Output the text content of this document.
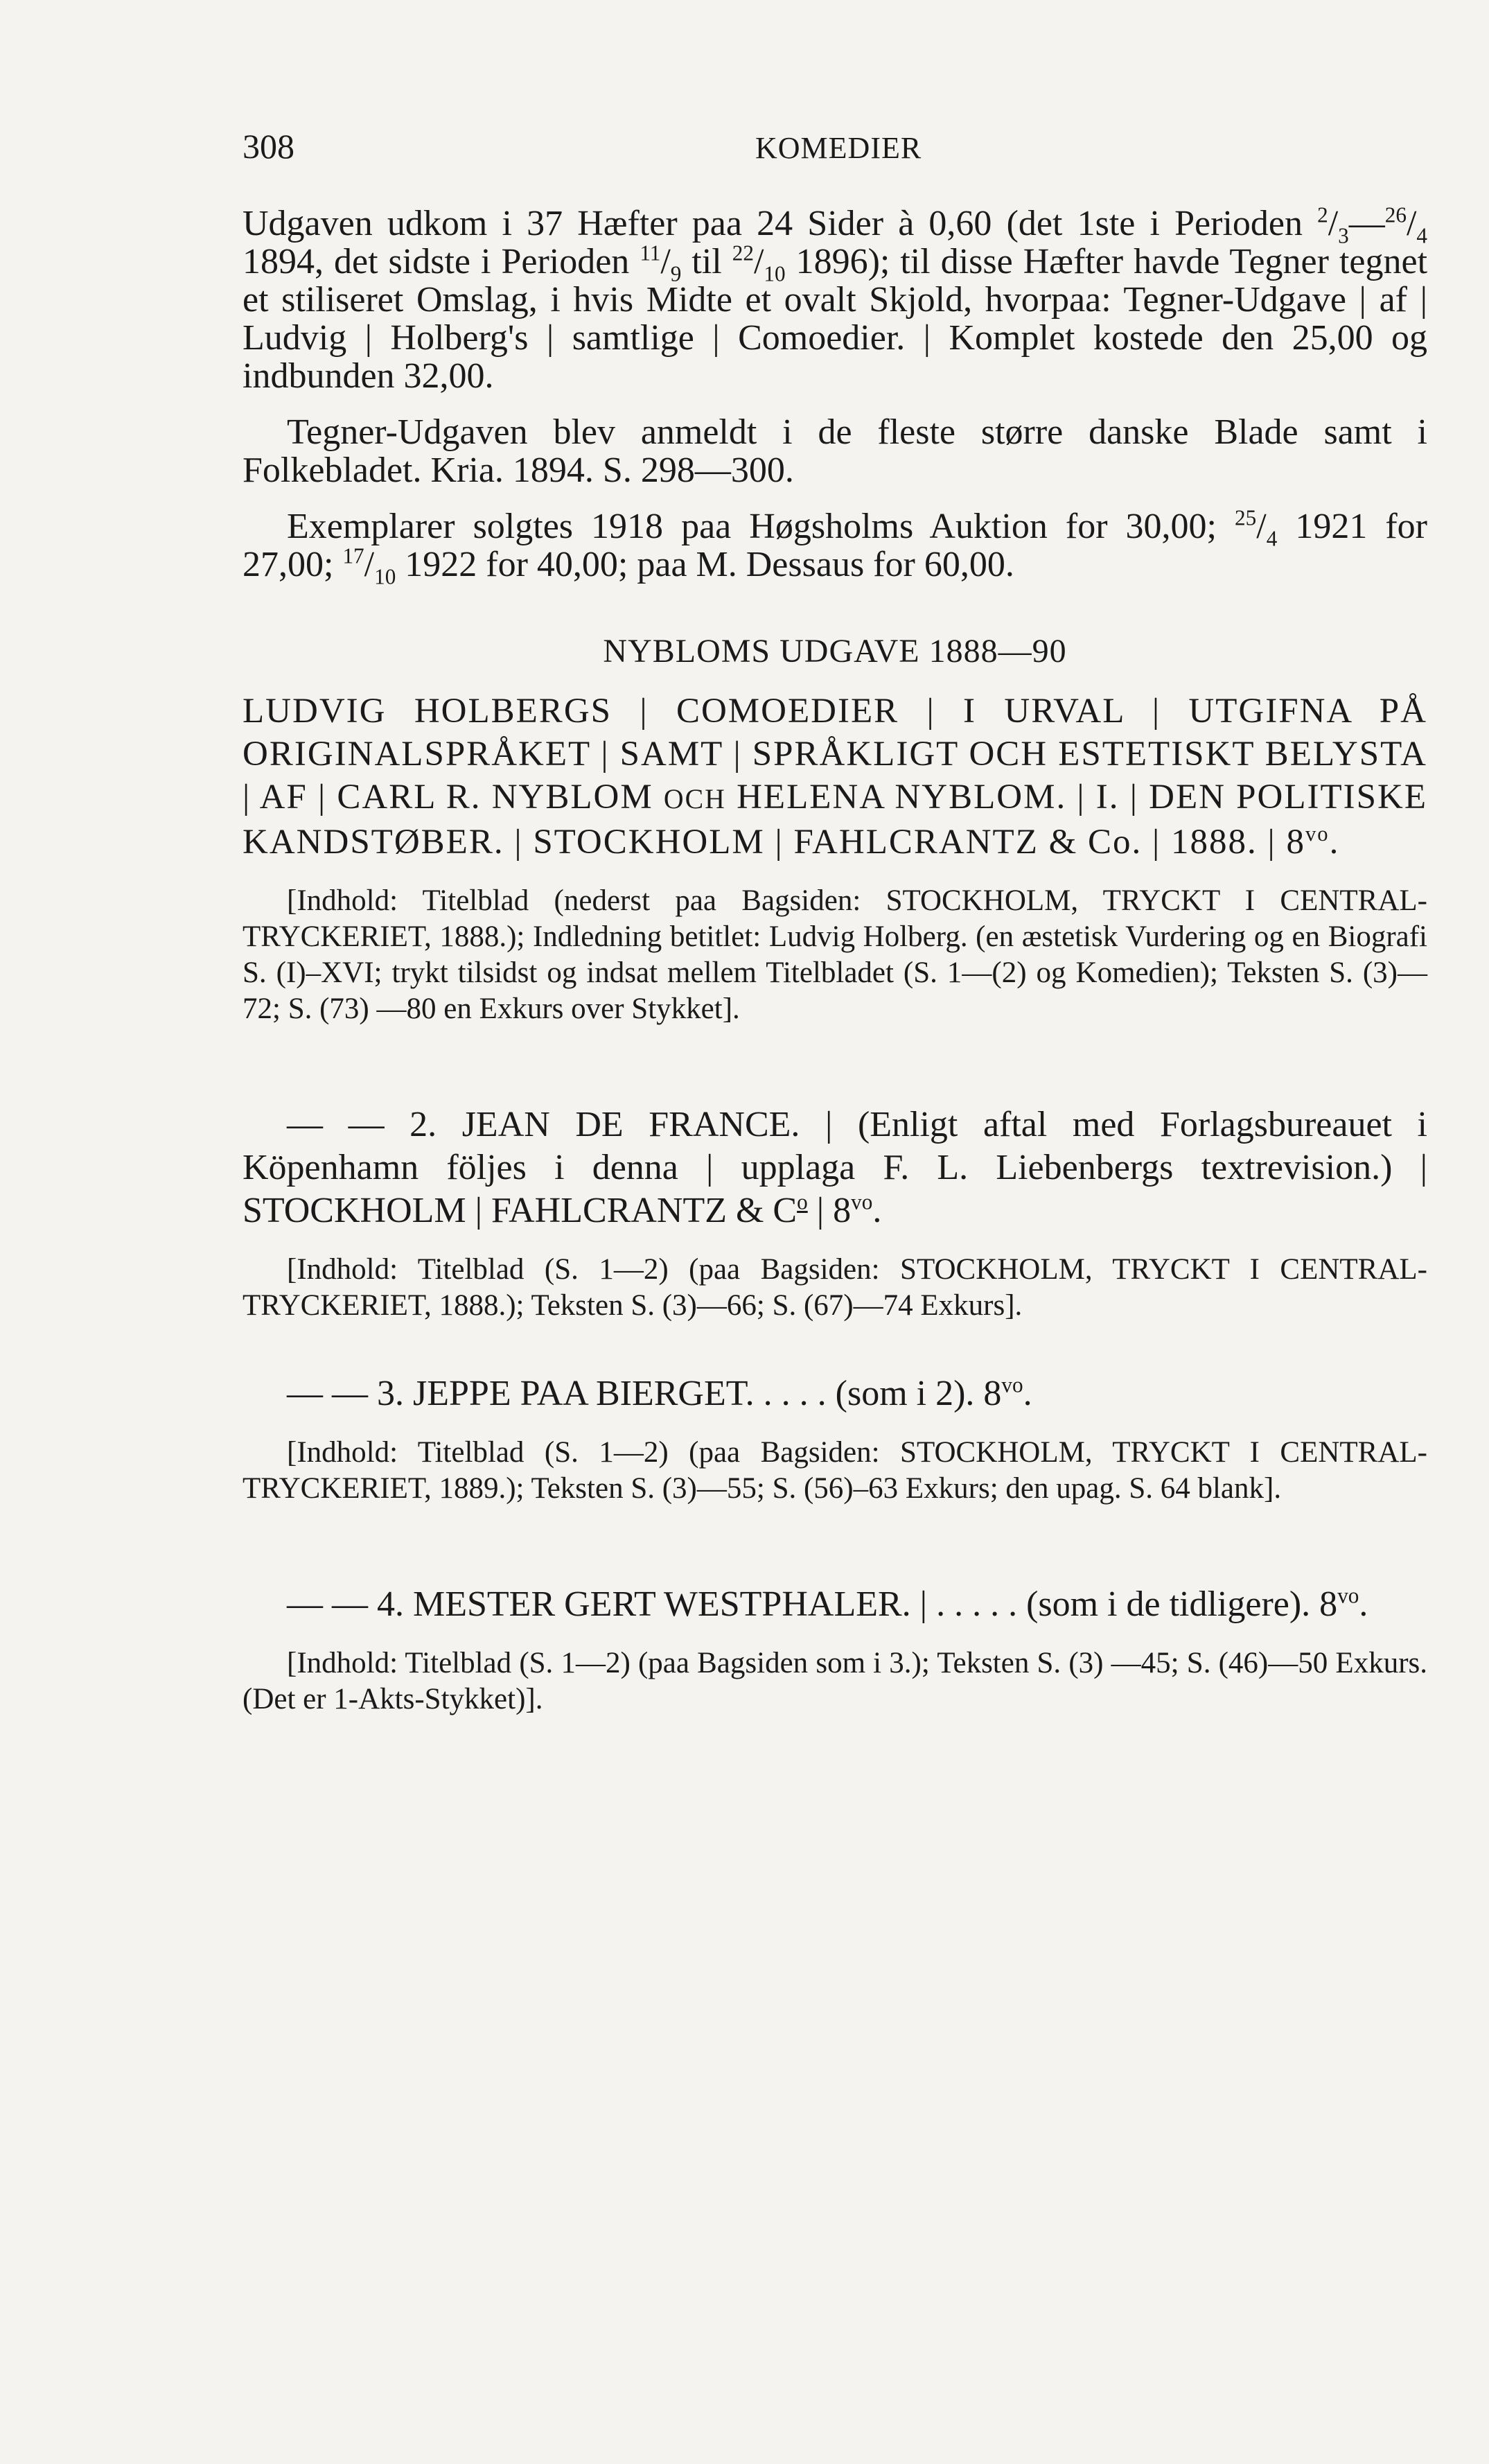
308	KOMEDIER

Udgaven udkom i 37 Hæfter paa 24 Sider à 0,60 (det 1ste i Perioden $^2/_3—^{26}/_4$ 1894, det sidste i Perioden $^{11}/_9$ til $^{22}/_{10}$ 1896); til disse Hæfter havde Tegner tegnet et stiliseret Omslag, i hvis Midte et ovalt Skjold, hvorpaa: Tegner-Udgave | af | Ludvig | Holberg's | samtlige | Comoedier. | Komplet kostede den 25,00 og indbunden 32,00.

Tegner-Udgaven blev anmeldt i de fleste større danske Blade samt i Folkebladet. Kria. 1894. S. 298—300.

Exemplarer solgtes 1918 paa Høgsholms Auktion for 30,00; $^{25}/_4$ 1921 for 27,00; $^{17}/_{10}$ 1922 for 40,00; paa M. Dessaus for 60,00.

NYBLOMS UDGAVE 1888—90

LUDVIG HOLBERGS | COMOEDIER | I URVAL | UTGIFNA PÅ ORIGINALSPRÅKET | SAMT | SPRÅKLIGT OCH ESTETISKT BELYSTA | AF | CARL R. NYBLOM OCH HELENA NYBLOM. | I. | DEN POLITISKE KANDSTØBER. | STOCKHOLM | FAHLCRANTZ & Co. | 1888. | $8^{vo}$.

[Indhold: Titelblad (nederst paa Bagsiden: STOCKHOLM, TRYCKT I CENTRAL-TRYCKERIET, 1888.); Indledning betitlet: Ludvig Holberg. (en æstetisk Vurdering og en Biografi S. (I)–XVI; trykt tilsidst og indsat mellem Titelbladet (S. 1—(2) og Komedien); Teksten S. (3)—72; S. (73) —80 en Exkurs over Stykket].

— — 2. JEAN DE FRANCE. | (Enligt aftal med Forlagsbureauet i Köpenhamn följes i denna | upplaga F. L. Liebenbergs textrevision.) | STOCKHOLM | FAHLCRANTZ & $C^o$ | $8^{vo}$.

[Indhold: Titelblad (S. 1—2) (paa Bagsiden: STOCKHOLM, TRYCKT I CENTRAL-TRYCKERIET, 1888.); Teksten S. (3)—66; S. (67)—74 Exkurs].

— — 3. JEPPE PAA BIERGET. . . . . (som i 2). $8^{vo}$.

[Indhold: Titelblad (S. 1—2) (paa Bagsiden: STOCKHOLM, TRYCKT I CENTRAL-TRYCKERIET, 1889.); Teksten S. (3)—55; S. (56)–63 Exkurs; den upag. S. 64 blank].

— — 4. MESTER GERT WESTPHALER. | . . . . . (som i de tidligere). $8^{vo}$.

[Indhold: Titelblad (S. 1—2) (paa Bagsiden som i 3.); Teksten S. (3) —45; S. (46)—50 Exkurs. (Det er 1-Akts-Stykket)].
